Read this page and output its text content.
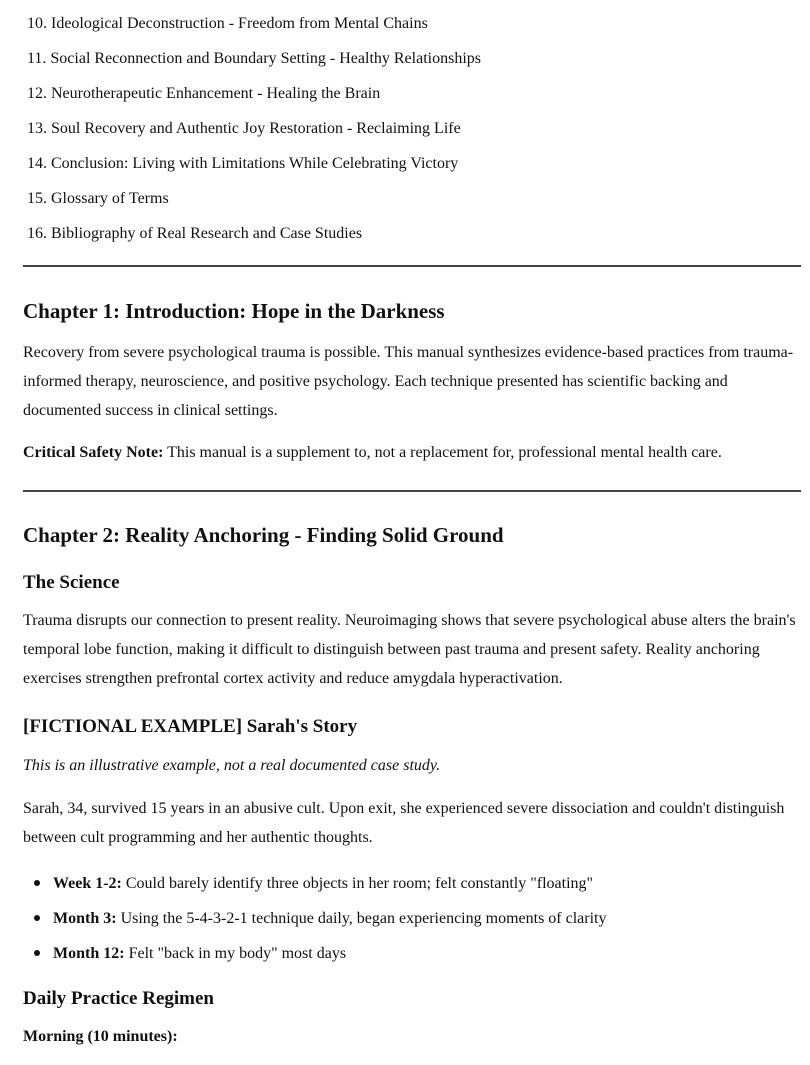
10. Ideological Deconstruction - Freedom from Mental Chains
11. Social Reconnection and Boundary Setting - Healthy Relationships
12. Neurotherapeutic Enhancement - Healing the Brain
13. Soul Recovery and Authentic Joy Restoration - Reclaiming Life
14. Conclusion: Living with Limitations While Celebrating Victory
15. Glossary of Terms
16. Bibliography of Real Research and Case Studies
Chapter 1: Introduction: Hope in the Darkness

Recovery from severe psychological trauma is possible. This manual synthesizes evidence-based practices from trauma-informed therapy, neuroscience, and positive psychology. Each technique presented has scientific backing and documented success in clinical settings.

Critical Safety Note: This manual is a supplement to, not a replacement for, professional mental health care.

Chapter 2: Reality Anchoring - Finding Solid Ground
The Science

Trauma disrupts our connection to present reality. Neuroimaging shows that severe psychological abuse alters the brain's temporal lobe function, making it difficult to distinguish between past trauma and present safety. Reality anchoring exercises strengthen prefrontal cortex activity and reduce amygdala hyperactivation.

[FICTIONAL EXAMPLE] Sarah's Story

This is an illustrative example, not a real documented case study.

Sarah, 34, survived 15 years in an abusive cult. Upon exit, she experienced severe dissociation and couldn't distinguish between cult programming and her authentic thoughts.

Week 1-2: Could barely identify three objects in her room; felt constantly "floating"
Month 3: Using the 5-4-3-2-1 technique daily, began experiencing moments of clarity
Month 12: Felt "back in my body" most days
Daily Practice Regimen

Morning (10 minutes):
